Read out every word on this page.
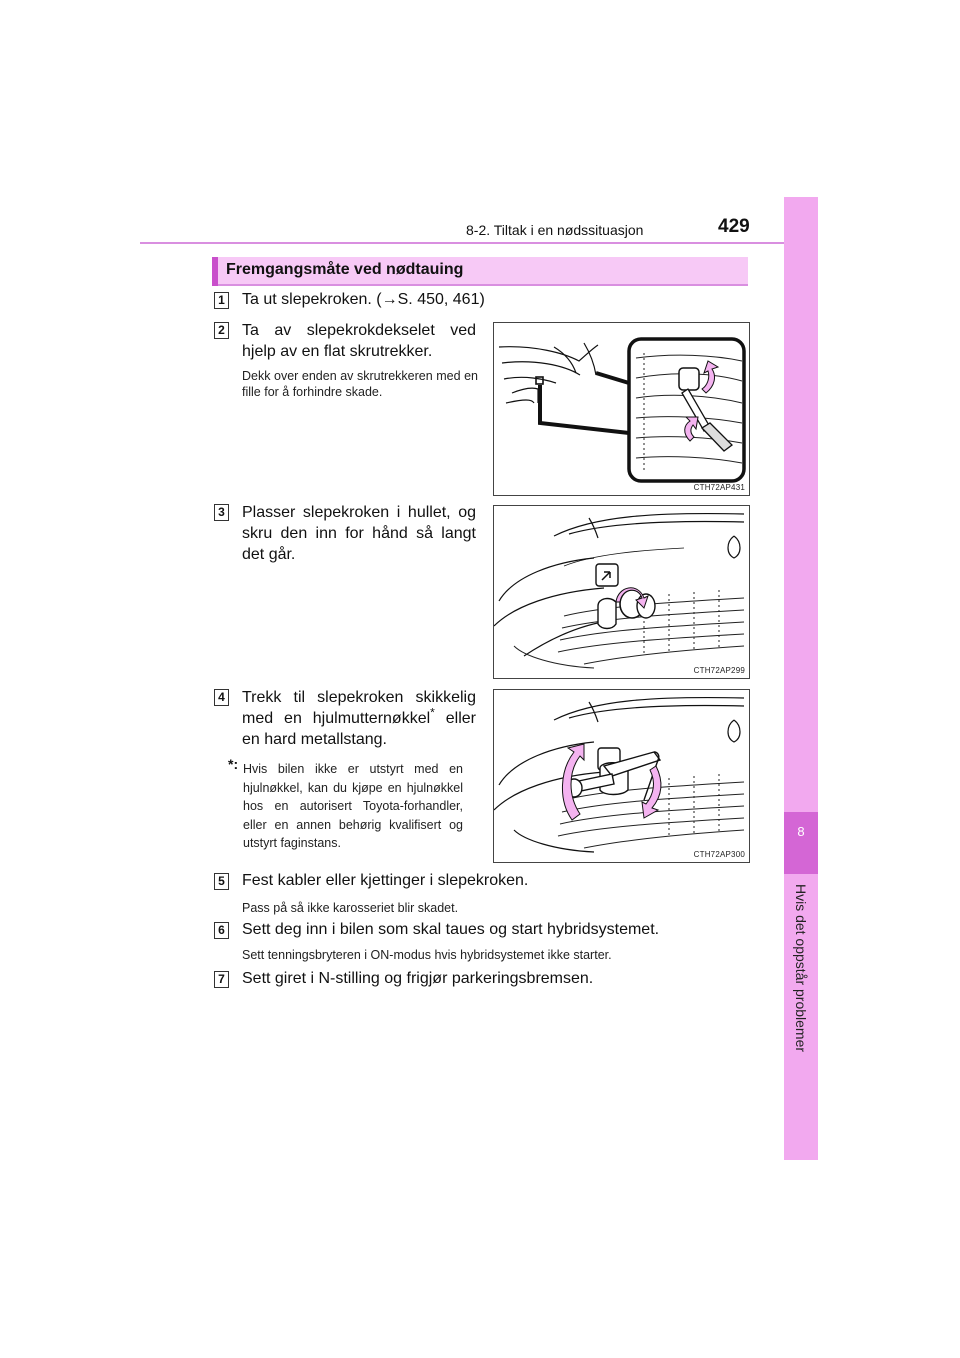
8-2. Tiltak i en nødssituasjon	429
8
Hvis det oppstår problemer
Fremgangsmåte ved nødtauing
1 Ta ut slepekroken. (→S. 450, 461)
2 Ta av slepekrokdekselet ved hjelp av en flat skrutrekker.
Dekk over enden av skrutrekkeren med en fille for å forhindre skade.
CTH72AP431
3 Plasser slepekroken i hullet, og skru den inn for hånd så langt det går.
CTH72AP299
4 Trekk til slepekroken skikkelig med en hjulmutternøkkel* eller en hard metallstang.
*: Hvis bilen ikke er utstyrt med en hjulnøkkel, kan du kjøpe en hjulnøkkel hos en autorisert Toyota-forhandler, eller en annen behørig kvalifisert og utstyrt faginstans.
CTH72AP300
5 Fest kabler eller kjettinger i slepekroken.
Pass på så ikke karosseriet blir skadet.
6 Sett deg inn i bilen som skal taues og start hybridsystemet.
Sett tenningsbryteren i ON-modus hvis hybridsystemet ikke starter.
7 Sett giret i N-stilling og frigjør parkeringsbremsen.
